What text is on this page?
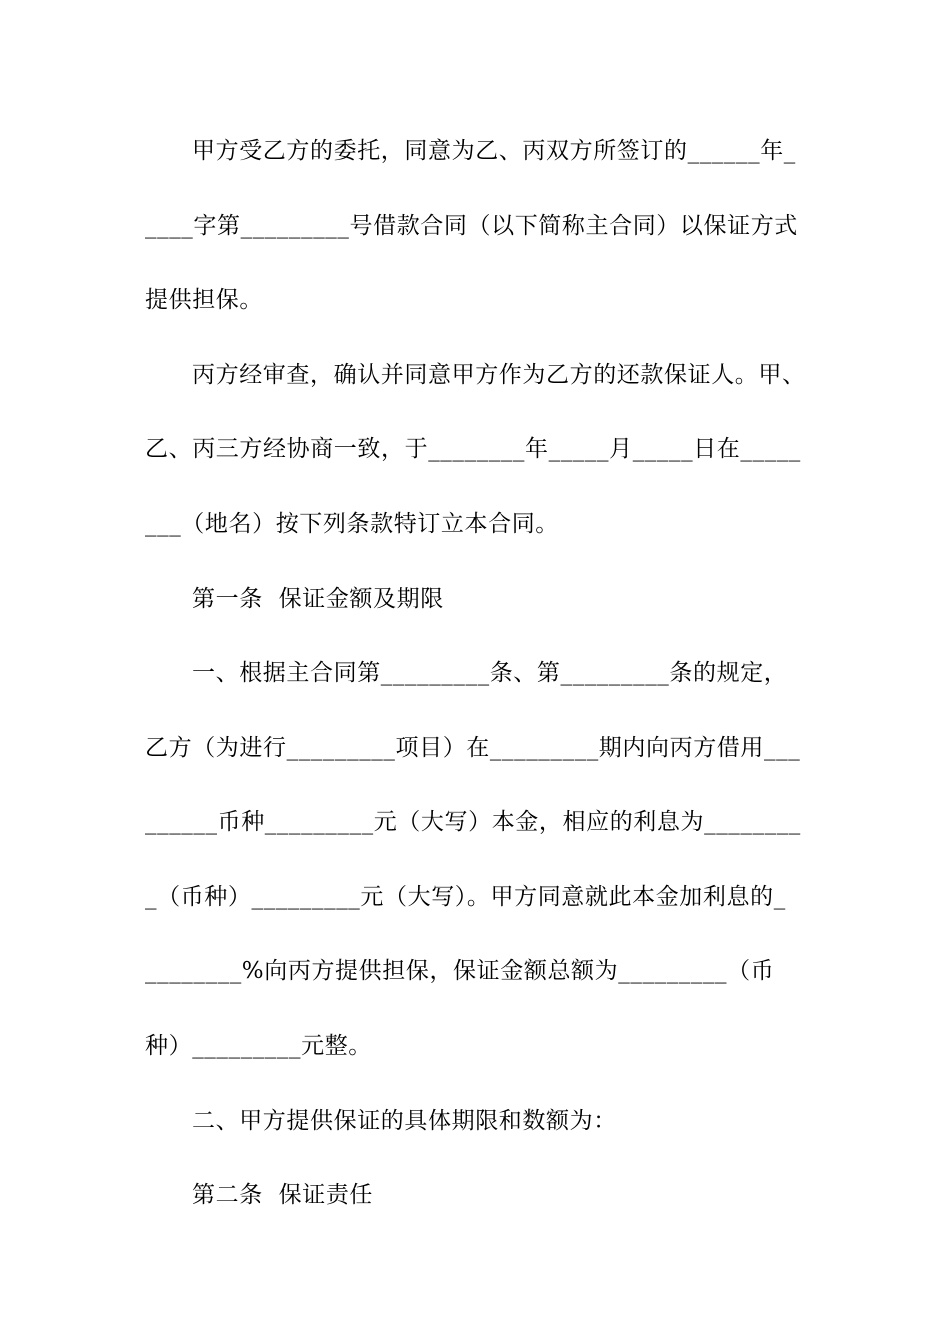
甲方受乙方的委托，同意为乙、丙双方所签订的______年_
____字第_________号借款合同（以下简称主合同）以保证方式
提供担保。
丙方经审查，确认并同意甲方作为乙方的还款保证人。甲、
乙、丙三方经协商一致，于________年_____月_____日在_____
___（地名）按下列条款特订立本合同。
第一条  保证金额及期限
一、根据主合同第_________条、第_________条的规定，
乙方（为进行_________项目）在_________期内向丙方借用___
______币种_________元（大写）本金，相应的利息为________
_（币种）_________元（大写）。甲方同意就此本金加利息的_
________%向丙方提供担保，保证金额总额为_________（币
种）_________元整。
二、甲方提供保证的具体期限和数额为：
第二条  保证责任
